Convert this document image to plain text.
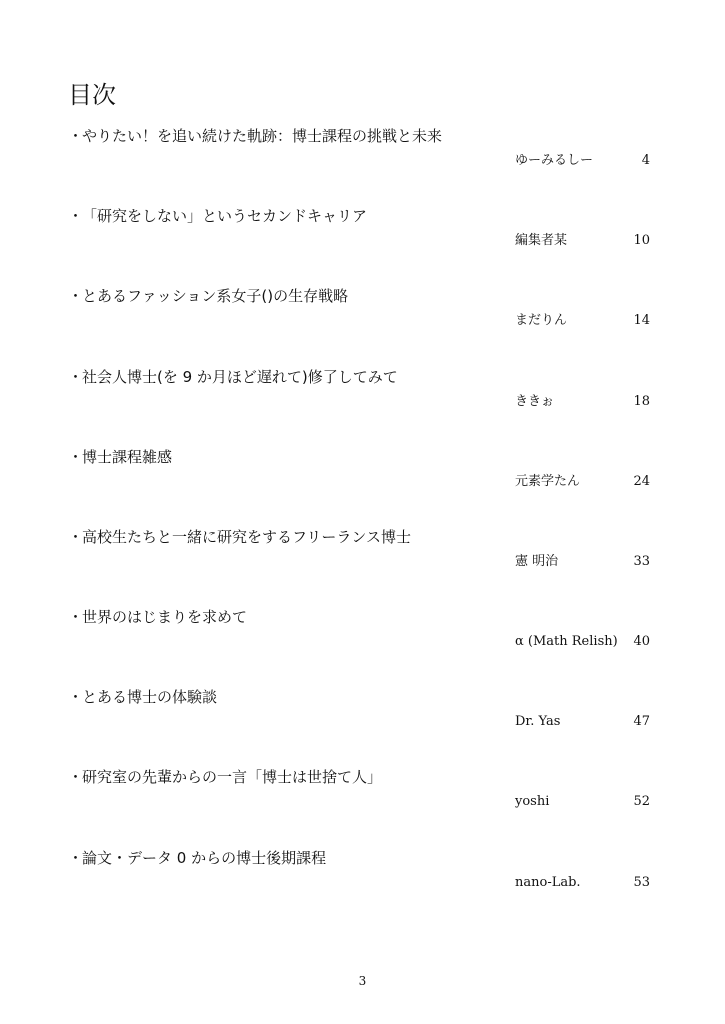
目次
・やりたい！を追い続けた軌跡：博士課程の挑戦と未来
ゆーみるしー	4
・「研究をしない」というセカンドキャリア
編集者某	10
・とあるファッション系女子()の生存戦略
まだりん	14
・社会人博士(を 9 か月ほど遅れて)修了してみて
ききぉ	18
・博士課程雑感
元素学たん	24
・高校生たちと一緒に研究をするフリーランス博士
憲 明治	33
・世界のはじまりを求めて
α (Math Relish) 40
・とある博士の体験談
Dr. Yas	47
・研究室の先輩からの一言「博士は世捨て人」
yoshi	52
・論文・データ 0 からの博士後期課程
nano-Lab.	53
3
